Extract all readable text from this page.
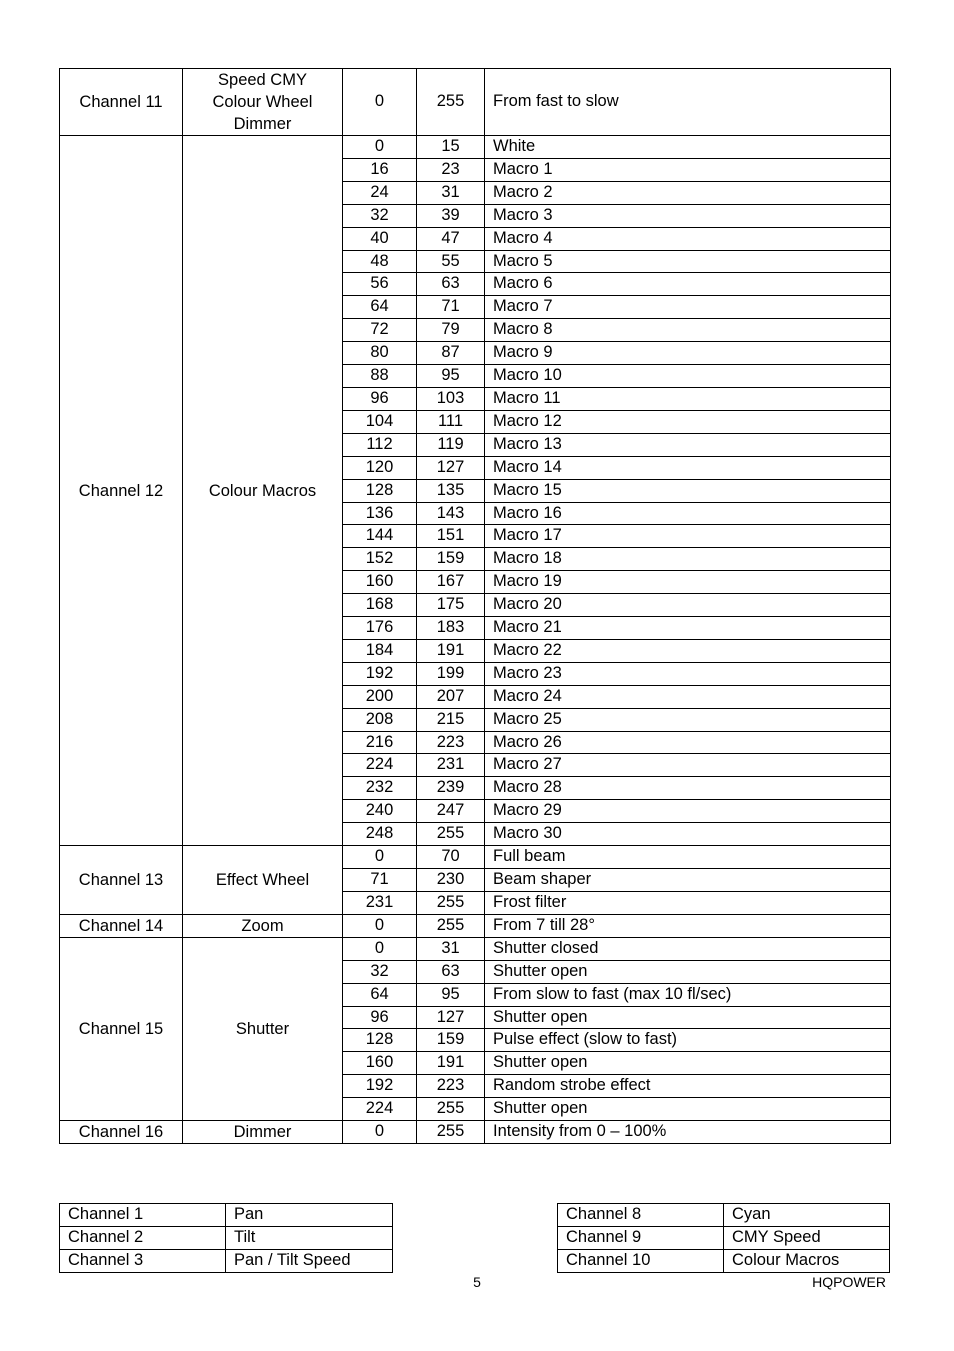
Channel 11	Speed CMY Colour Wheel Dimmer	0	255	From fast to slow
Channel 12	Colour Macros	0	15	White
		16	23	Macro 1
		24	31	Macro 2
		32	39	Macro 3
		40	47	Macro 4
		48	55	Macro 5
		56	63	Macro 6
		64	71	Macro 7
		72	79	Macro 8
		80	87	Macro 9
		88	95	Macro 10
		96	103	Macro 11
		104	111	Macro 12
		112	119	Macro 13
		120	127	Macro 14
		128	135	Macro 15
		136	143	Macro 16
		144	151	Macro 17
		152	159	Macro 18
		160	167	Macro 19
		168	175	Macro 20
		176	183	Macro 21
		184	191	Macro 22
		192	199	Macro 23
		200	207	Macro 24
		208	215	Macro 25
		216	223	Macro 26
		224	231	Macro 27
		232	239	Macro 28
		240	247	Macro 29
		248	255	Macro 30
Channel 13	Effect Wheel	0	70	Full beam
		71	230	Beam shaper
		231	255	Frost filter
Channel 14	Zoom	0	255	From 7 till 28°
Channel 15	Shutter	0	31	Shutter closed
		32	63	Shutter open
		64	95	From slow to fast (max 10 fl/sec)
		96	127	Shutter open
		128	159	Pulse effect (slow to fast)
		160	191	Shutter open
		192	223	Random strobe effect
		224	255	Shutter open
Channel 16	Dimmer	0	255	Intensity from 0 – 100%
Channel 1	Pan
Channel 2	Tilt
Channel 3	Pan / Tilt Speed
Channel 8	Cyan
Channel 9	CMY Speed
Channel 10	Colour Macros
5	HQPOWER
